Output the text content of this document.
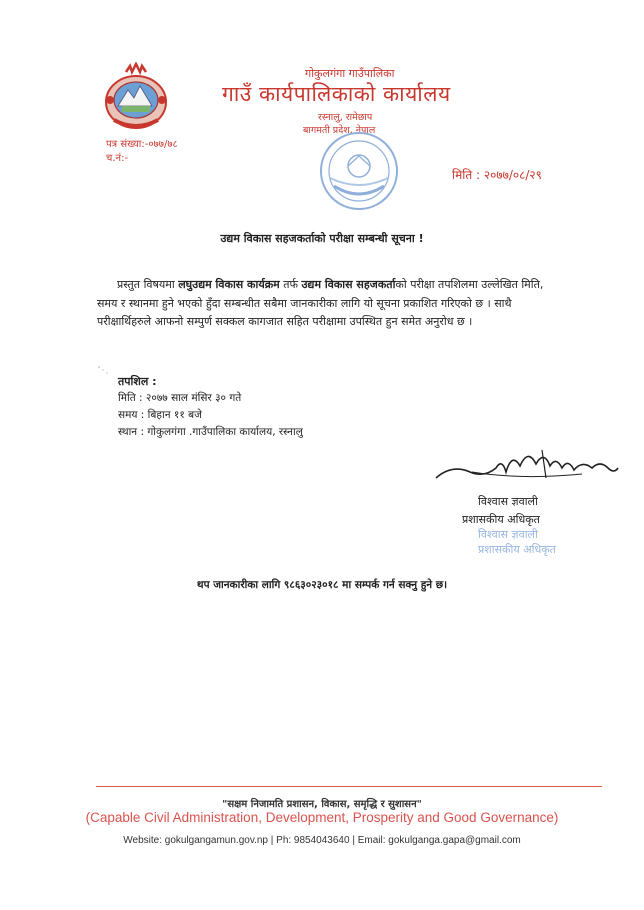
गोकुलगंगा गाउँपालिका
गाउँ कार्यपालिकाको कार्यालय
रस्नालु, रामेछाप
बागमती प्रदेश, नेपाल
पत्र संख्या:-०७७/७८
च.नं:-
मिति : २०७७/०८/२९
उद्यम विकास सहजकर्ताको परीक्षा सम्बन्धी सूचना !
प्रस्तुत विषयमा लघुउद्यम विकास कार्यक्रम तर्फ उद्यम विकास सहजकर्ताको परीक्षा तपशिलमा उल्लेखित मिति, समय र स्थानमा हुने भएको हुँदा सम्बन्धीत सबैमा जानकारीका लागि यो सूचना प्रकाशित गरिएको छ । साथै परीक्षार्थिहरुले आफनो सम्पुर्ण सक्कल कागजात सहित परीक्षामा उपस्थित हुन समेत अनुरोध छ ।
तपशिल :
मिति : २०७७ साल मंसिर ३० गते
समय : बिहान ११ बजे
स्थान : गोकुलगंगा .गाउँपालिका कार्यालय, रस्नालु
विश्वास ज्ञवाली
प्रशासकीय अधिकृत
विश्वास ज्ञवाली
प्रशासकीय अधिकृत
थप जानकारीका लागि ९८६३०२३०१८ मा सम्पर्क गर्न सक्नु हुने छ।
"सक्षम निजामति प्रशासन, विकास, समृद्धि र सुशासन"
(Capable Civil Administration, Development, Prosperity and Good Governance)
Website: gokulgangamun.gov.np | Ph: 9854043640 | Email: gokulganga.gapa@gmail.com
